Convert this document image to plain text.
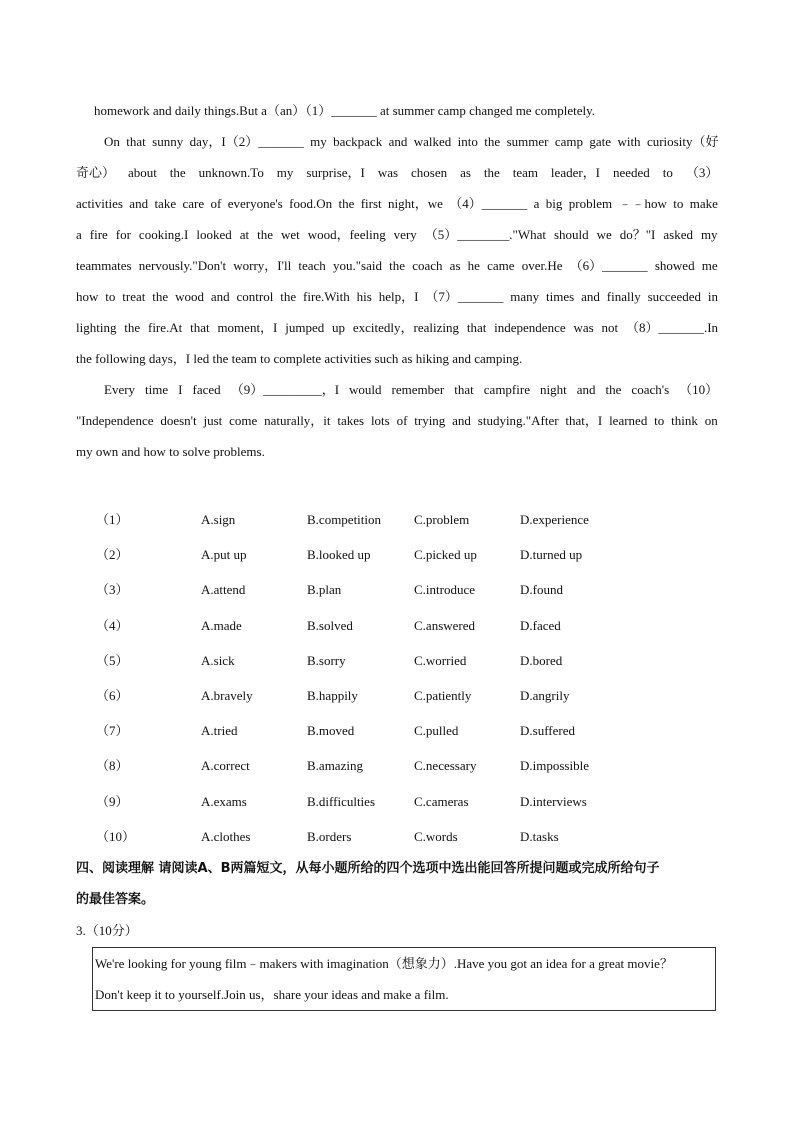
homework and daily things.But a（an）（1）_______ at summer camp changed me completely.
On that sunny day，I（2）_______ my backpack and walked into the summer camp gate with curiosity（好
奇心） about the unknown.To my surprise，I was chosen as the team leader，I needed to （3）
activities and take care of everyone's food.On the first night，we （4）_______ a big problem ﹣﹣how to make
a fire for cooking.I looked at the wet wood，feeling very （5）________."What should we do？"I asked my
teammates nervously."Don't worry，I'll teach you."said the coach as he came over.He （6）_______ showed me
how to treat the wood and control the fire.With his help，I （7）_______ many times and finally succeeded in
lighting the fire.At that moment，I jumped up excitedly，realizing that independence was not （8）_______.In
the following days，I led the team to complete activities such as hiking and camping.
Every time I faced （9）_________，I would remember that campfire night and the coach's （10）
"Independence doesn't just come naturally，it takes lots of trying and studying."After that，I learned to think on
my own and how to solve problems.
（1）	A.sign	B.competition	C.problem	D.experience
（2）	A.put up	B.looked up	C.picked up	D.turned up
（3）	A.attend	B.plan	C.introduce	D.found
（4）	A.made	B.solved	C.answered	D.faced
（5）	A.sick	B.sorry	C.worried	D.bored
（6）	A.bravely	B.happily	C.patiently	D.angrily
（7）	A.tried	B.moved	C.pulled	D.suffered
（8）	A.correct	B.amazing	C.necessary	D.impossible
（9）	A.exams	B.difficulties	C.cameras	D.interviews
（10）	A.clothes	B.orders	C.words	D.tasks
四、阅读理解 请阅读A、B两篇短文，从每小题所给的四个选项中选出能回答所提问题或完成所给句子
的最佳答案。
3.（10分）
We're looking for young film﹣makers with imagination（想象力）.Have you got an idea for a great movie？
Don't keep it to yourself.Join us，share your ideas and make a film.
